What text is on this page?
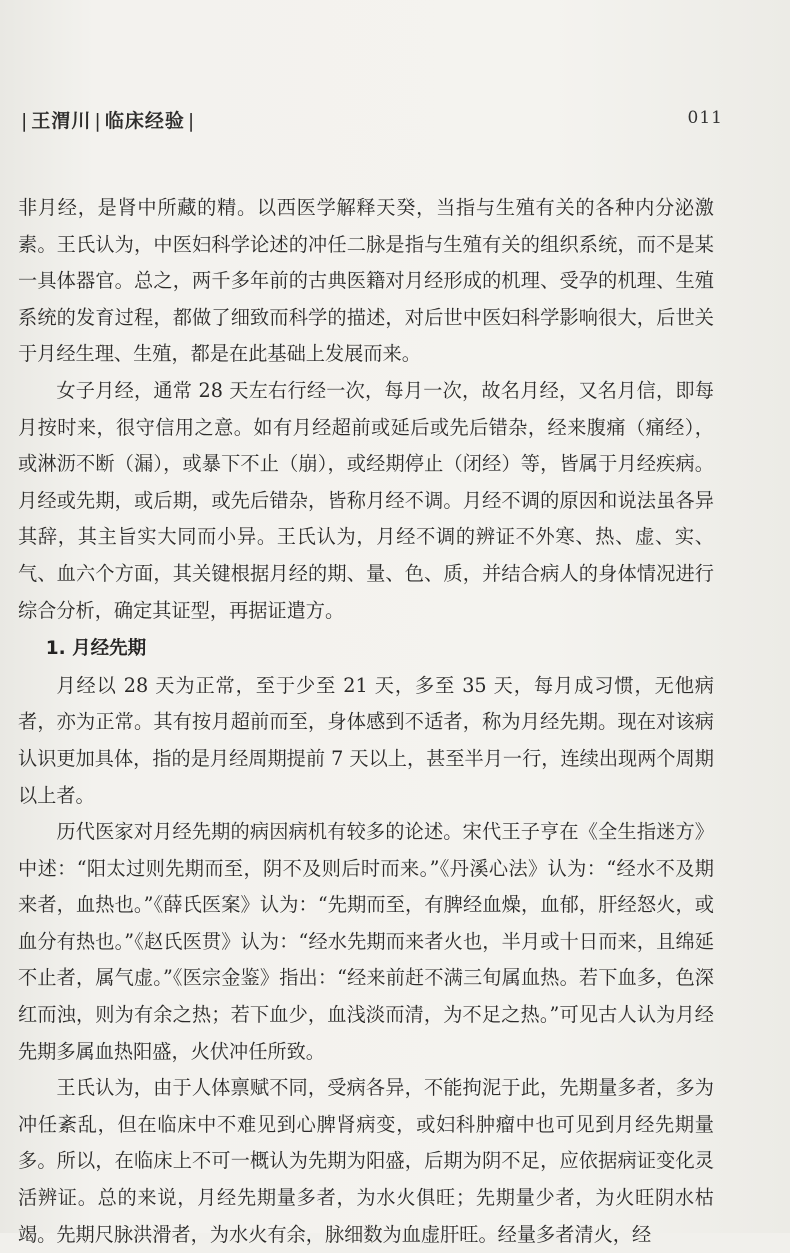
| 王渭川 | 临床经验 |	011

非月经，是肾中所藏的精。以西医学解释天癸，当指与生殖有关的各种内分泌激素。王氏认为，中医妇科学论述的冲任二脉是指与生殖有关的组织系统，而不是某一具体器官。总之，两千多年前的古典医籍对月经形成的机理、受孕的机理、生殖系统的发育过程，都做了细致而科学的描述，对后世中医妇科学影响很大，后世关于月经生理、生殖，都是在此基础上发展而来。

女子月经，通常 28 天左右行经一次，每月一次，故名月经，又名月信，即每月按时来，很守信用之意。如有月经超前或延后或先后错杂，经来腹痛（痛经），或淋沥不断（漏），或暴下不止（崩），或经期停止（闭经）等，皆属于月经疾病。月经或先期，或后期，或先后错杂，皆称月经不调。月经不调的原因和说法虽各异其辞，其主旨实大同而小异。王氏认为，月经不调的辨证不外寒、热、虚、实、气、血六个方面，其关键根据月经的期、量、色、质，并结合病人的身体情况进行综合分析，确定其证型，再据证遣方。

1. 月经先期

月经以 28 天为正常，至于少至 21 天，多至 35 天，每月成习惯，无他病者，亦为正常。其有按月超前而至，身体感到不适者，称为月经先期。现在对该病认识更加具体，指的是月经周期提前 7 天以上，甚至半月一行，连续出现两个周期以上者。

历代医家对月经先期的病因病机有较多的论述。宋代王子亨在《全生指迷方》中述：“阳太过则先期而至，阴不及则后时而来。”《丹溪心法》认为：“经水不及期来者，血热也。”《薛氏医案》认为：“先期而至，有脾经血燥，血郁，肝经怒火，或血分有热也。”《赵氏医贯》认为：“经水先期而来者火也，半月或十日而来，且绵延不止者，属气虚。”《医宗金鉴》指出：“经来前赶不满三旬属血热。若下血多，色深红而浊，则为有余之热；若下血少，血浅淡而清，为不足之热。”可见古人认为月经先期多属血热阳盛，火伏冲任所致。

王氏认为，由于人体禀赋不同，受病各异，不能拘泥于此，先期量多者，多为冲任紊乱，但在临床中不难见到心脾肾病变，或妇科肿瘤中也可见到月经先期量多。所以，在临床上不可一概认为先期为阳盛，后期为阴不足，应依据病证变化灵活辨证。总的来说，月经先期量多者，为水火俱旺；先期量少者，为火旺阴水枯竭。先期尺脉洪滑者，为水火有余，脉细数为血虚肝旺。经量多者清火，经
